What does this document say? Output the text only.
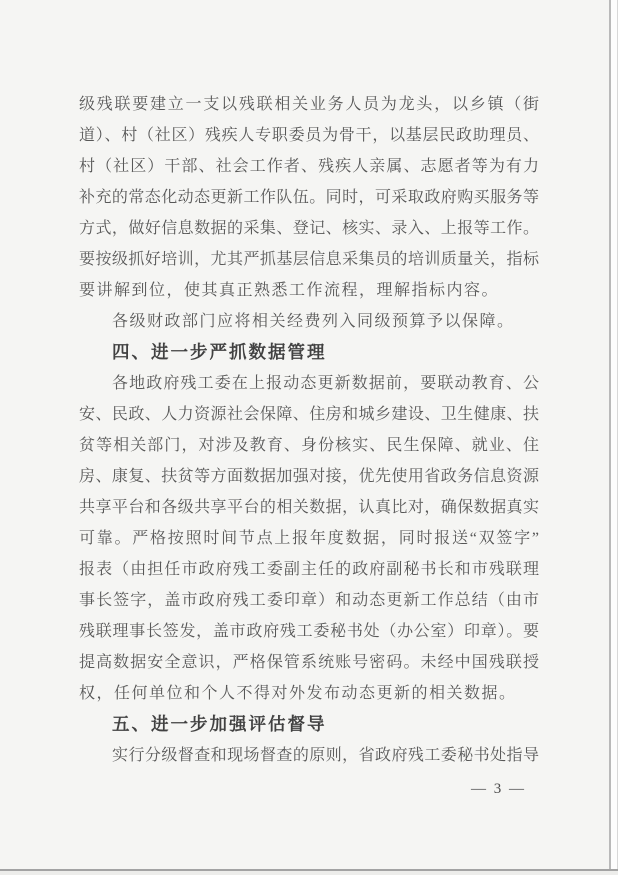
级残联要建立一支以残联相关业务人员为龙头，以乡镇（街
道）、村（社区）残疾人专职委员为骨干，以基层民政助理员、
村（社区）干部、社会工作者、残疾人亲属、志愿者等为有力
补充的常态化动态更新工作队伍。同时，可采取政府购买服务等
方式，做好信息数据的采集、登记、核实、录入、上报等工作。
要按级抓好培训，尤其严抓基层信息采集员的培训质量关，指标
要讲解到位，使其真正熟悉工作流程，理解指标内容。
各级财政部门应将相关经费列入同级预算予以保障。
四、进一步严抓数据管理
各地政府残工委在上报动态更新数据前，要联动教育、公
安、民政、人力资源社会保障、住房和城乡建设、卫生健康、扶
贫等相关部门，对涉及教育、身份核实、民生保障、就业、住
房、康复、扶贫等方面数据加强对接，优先使用省政务信息资源
共享平台和各级共享平台的相关数据，认真比对，确保数据真实
可靠。严格按照时间节点上报年度数据，同时报送“双签字”
报表（由担任市政府残工委副主任的政府副秘书长和市残联理
事长签字，盖市政府残工委印章）和动态更新工作总结（由市
残联理事长签发，盖市政府残工委秘书处（办公室）印章）。要
提高数据安全意识，严格保管系统账号密码。未经中国残联授
权，任何单位和个人不得对外发布动态更新的相关数据。
五、进一步加强评估督导
实行分级督查和现场督查的原则，省政府残工委秘书处指导
— 3 —
